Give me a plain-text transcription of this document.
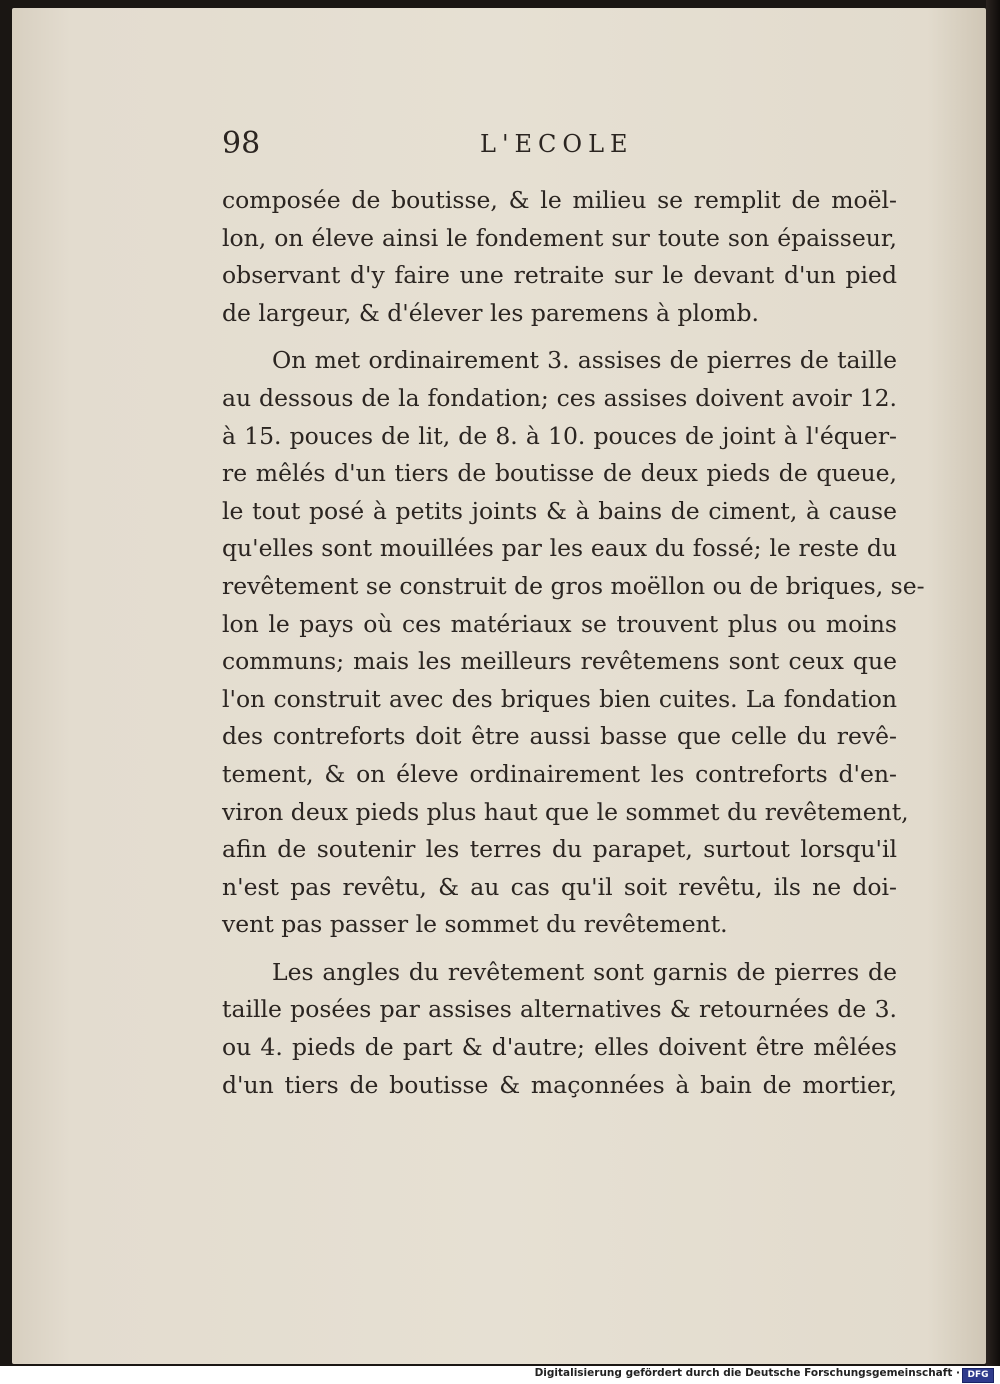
98	L'ECOLE
composée de boutisse, & le milieu se remplit de moël-
lon, on éleve ainsi le fondement sur toute son épaisseur,
observant d'y faire une retraite sur le devant d'un pied
de largeur, & d'élever les paremens à plomb.
On met ordinairement 3. assises de pierres de taille
au dessous de la fondation; ces assises doivent avoir 12.
à 15. pouces de lit, de 8. à 10. pouces de joint à l'équer-
re mêlés d'un tiers de boutisse de deux pieds de queue,
le tout posé à petits joints & à bains de ciment, à cause
qu'elles sont mouillées par les eaux du fossé; le reste du
revêtement se construit de gros moëllon ou de briques, se-
lon le pays où ces matériaux se trouvent plus ou moins
communs; mais les meilleurs revêtemens sont ceux que
l'on construit avec des briques bien cuites. La fondation
des contreforts doit être aussi basse que celle du revê-
tement, & on éleve ordinairement les contreforts d'en-
viron deux pieds plus haut que le sommet du revêtement,
afin de soutenir les terres du parapet, surtout lorsqu'il
n'est pas revêtu, & au cas qu'il soit revêtu, ils ne doi-
vent pas passer le sommet du revêtement.
Les angles du revêtement sont garnis de pierres de
taille posées par assises alternatives & retournées de 3.
ou 4. pieds de part & d'autre; elles doivent être mêlées
d'un tiers de boutisse & maçonnées à bain de mortier,
Digitalisierung gefördert durch die Deutsche Forschungsgemeinschaft · DFG
